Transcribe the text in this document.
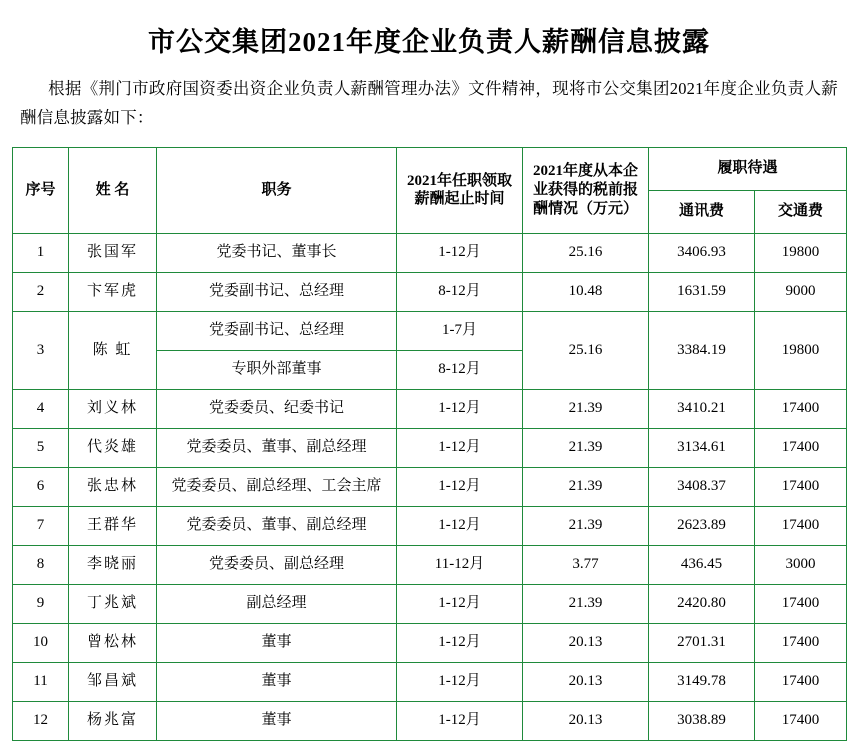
市公交集团2021年度企业负责人薪酬信息披露

根据《荆门市政府国资委出资企业负责人薪酬管理办法》文件精神，现将市公交集团2021年度企业负责人薪酬信息披露如下：

序号	姓 名	职务	2021年任职领取薪酬起止时间	2021年度从本企业获得的税前报酬情况（万元）	履职待遇	
					通讯费	交通费
1	张国军	党委书记、董事长	1-12月	25.16	3406.93	19800
2	卞军虎	党委副书记、总经理	8-12月	10.48	1631.59	9000
3	陈 虹	党委副书记、总经理	1-7月	25.16	3384.19	19800
		专职外部董事	8-12月			
4	刘义林	党委委员、纪委书记	1-12月	21.39	3410.21	17400
5	代炎雄	党委委员、董事、副总经理	1-12月	21.39	3134.61	17400
6	张忠林	党委委员、副总经理、工会主席	1-12月	21.39	3408.37	17400
7	王群华	党委委员、董事、副总经理	1-12月	21.39	2623.89	17400
8	李晓丽	党委委员、副总经理	11-12月	3.77	436.45	3000
9	丁兆斌	副总经理	1-12月	21.39	2420.80	17400
10	曾松林	董事	1-12月	20.13	2701.31	17400
11	邹昌斌	董事	1-12月	20.13	3149.78	17400
12	杨兆富	董事	1-12月	20.13	3038.89	17400
